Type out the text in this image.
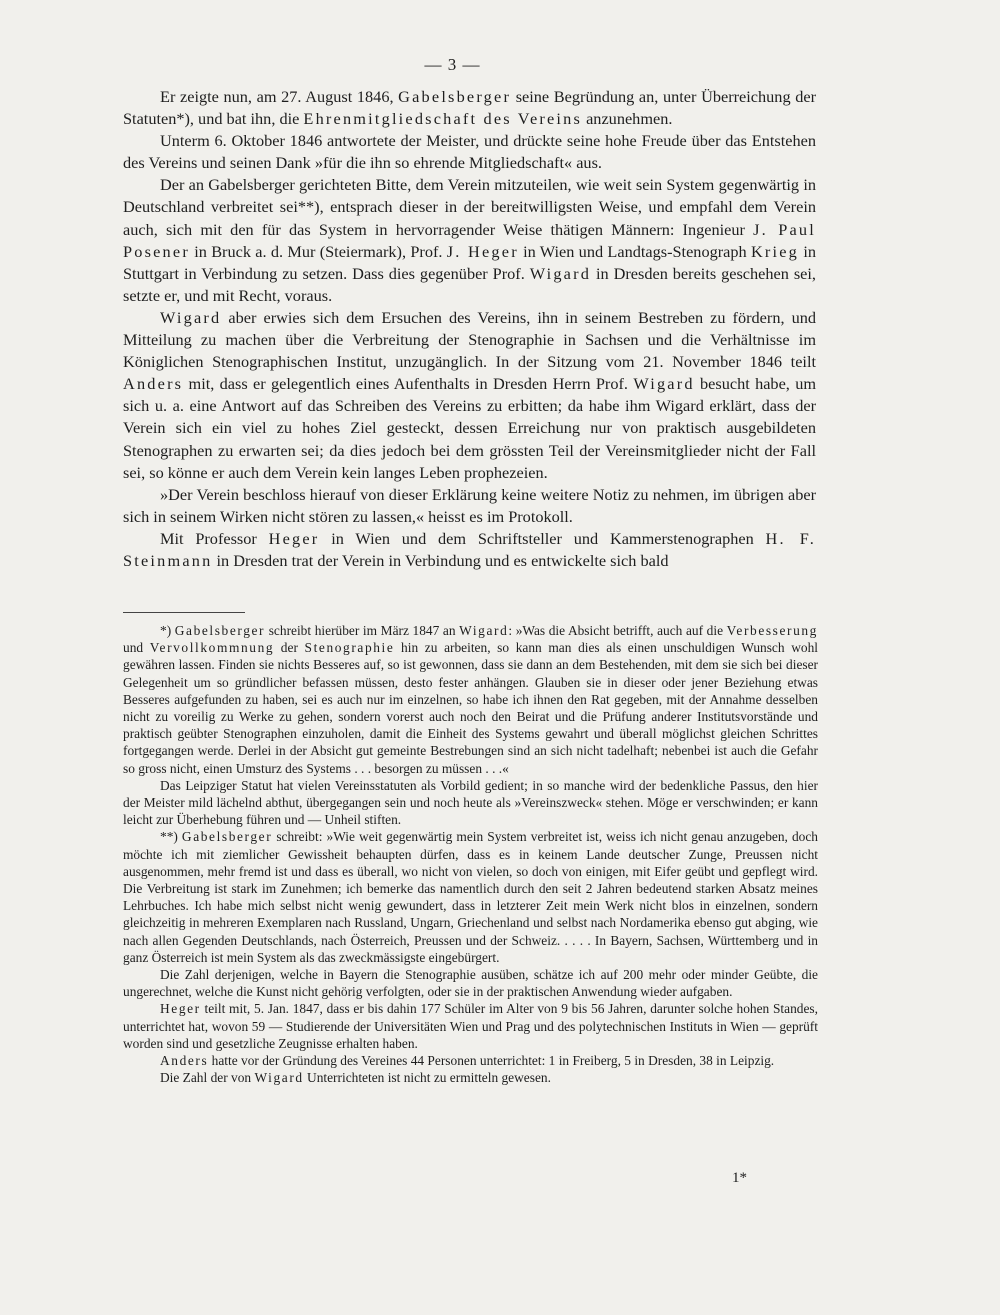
— 3 —

Er zeigte nun, am 27. August 1846, Gabelsberger seine Begründung an, unter Überreichung der Statuten*), und bat ihn, die Ehrenmitgliedschaft des Vereins anzunehmen.

Unterm 6. Oktober 1846 antwortete der Meister, und drückte seine hohe Freude über das Entstehen des Vereins und seinen Dank »für die ihn so ehrende Mitgliedschaft« aus.

Der an Gabelsberger gerichteten Bitte, dem Verein mitzuteilen, wie weit sein System gegenwärtig in Deutschland verbreitet sei**), entsprach dieser in der bereitwilligsten Weise, und empfahl dem Verein auch, sich mit den für das System in hervorragender Weise thätigen Männern: Ingenieur J. Paul Posener in Bruck a. d. Mur (Steiermark), Prof. J. Heger in Wien und Landtags-Stenograph Krieg in Stuttgart in Verbindung zu setzen. Dass dies gegenüber Prof. Wigard in Dresden bereits geschehen sei, setzte er, und mit Recht, voraus.

Wigard aber erwies sich dem Ersuchen des Vereins, ihn in seinem Bestreben zu fördern, und Mitteilung zu machen über die Verbreitung der Stenographie in Sachsen und die Verhältnisse im Königlichen Stenographischen Institut, unzugänglich. In der Sitzung vom 21. November 1846 teilt Anders mit, dass er gelegentlich eines Aufenthalts in Dresden Herrn Prof. Wigard besucht habe, um sich u. a. eine Antwort auf das Schreiben des Vereins zu erbitten; da habe ihm Wigard erklärt, dass der Verein sich ein viel zu hohes Ziel gesteckt, dessen Erreichung nur von praktisch ausgebildeten Stenographen zu erwarten sei; da dies jedoch bei dem grössten Teil der Vereinsmitglieder nicht der Fall sei, so könne er auch dem Verein kein langes Leben prophezeien.

»Der Verein beschloss hierauf von dieser Erklärung keine weitere Notiz zu nehmen, im übrigen aber sich in seinem Wirken nicht stören zu lassen,« heisst es im Protokoll.

Mit Professor Heger in Wien und dem Schriftsteller und Kammerstenographen H. F. Steinmann in Dresden trat der Verein in Verbindung und es entwickelte sich bald

*) Gabelsberger schreibt hierüber im März 1847 an Wigard: »Was die Absicht betrifft, auch auf die Verbesserung und Vervollkommnung der Stenographie hin zu arbeiten, so kann man dies als einen unschuldigen Wunsch wohl gewähren lassen. Finden sie nichts Besseres auf, so ist gewonnen, dass sie dann an dem Bestehenden, mit dem sie sich bei dieser Gelegenheit um so gründlicher befassen müssen, desto fester anhängen. Glauben sie in dieser oder jener Beziehung etwas Besseres aufgefunden zu haben, sei es auch nur im einzelnen, so habe ich ihnen den Rat gegeben, mit der Annahme desselben nicht zu voreilig zu Werke zu gehen, sondern vorerst auch noch den Beirat und die Prüfung anderer Institutsvorstände und praktisch geübter Stenographen einzuholen, damit die Einheit des Systems gewahrt und überall möglichst gleichen Schrittes fortgegangen werde. Derlei in der Absicht gut gemeinte Bestrebungen sind an sich nicht tadelhaft; nebenbei ist auch die Gefahr so gross nicht, einen Umsturz des Systems . . . besorgen zu müssen . . .«

Das Leipziger Statut hat vielen Vereinsstatuten als Vorbild gedient; in so manche wird der bedenkliche Passus, den hier der Meister mild lächelnd abthut, übergegangen sein und noch heute als »Vereinszweck« stehen. Möge er verschwinden; er kann leicht zur Überhebung führen und — Unheil stiften.

**) Gabelsberger schreibt: »Wie weit gegenwärtig mein System verbreitet ist, weiss ich nicht genau anzugeben, doch möchte ich mit ziemlicher Gewissheit behaupten dürfen, dass es in keinem Lande deutscher Zunge, Preussen nicht ausgenommen, mehr fremd ist und dass es überall, wo nicht von vielen, so doch von einigen, mit Eifer geübt und gepflegt wird. Die Verbreitung ist stark im Zunehmen; ich bemerke das namentlich durch den seit 2 Jahren bedeutend starken Absatz meines Lehrbuches. Ich habe mich selbst nicht wenig gewundert, dass in letzterer Zeit mein Werk nicht blos in einzelnen, sondern gleichzeitig in mehreren Exemplaren nach Russland, Ungarn, Griechenland und selbst nach Nordamerika ebenso gut abging, wie nach allen Gegenden Deutschlands, nach Österreich, Preussen und der Schweiz. . . . . In Bayern, Sachsen, Württemberg und in ganz Österreich ist mein System als das zweckmässigste eingebürgert.

Die Zahl derjenigen, welche in Bayern die Stenographie ausüben, schätze ich auf 200 mehr oder minder Geübte, die ungerechnet, welche die Kunst nicht gehörig verfolgten, oder sie in der praktischen Anwendung wieder aufgaben.

Heger teilt mit, 5. Jan. 1847, dass er bis dahin 177 Schüler im Alter von 9 bis 56 Jahren, darunter solche hohen Standes, unterrichtet hat, wovon 59 — Studierende der Universitäten Wien und Prag und des polytechnischen Instituts in Wien — geprüft worden sind und gesetzliche Zeugnisse erhalten haben.

Anders hatte vor der Gründung des Vereines 44 Personen unterrichtet: 1 in Freiberg, 5 in Dresden, 38 in Leipzig.

Die Zahl der von Wigard Unterrichteten ist nicht zu ermitteln gewesen.

1*
